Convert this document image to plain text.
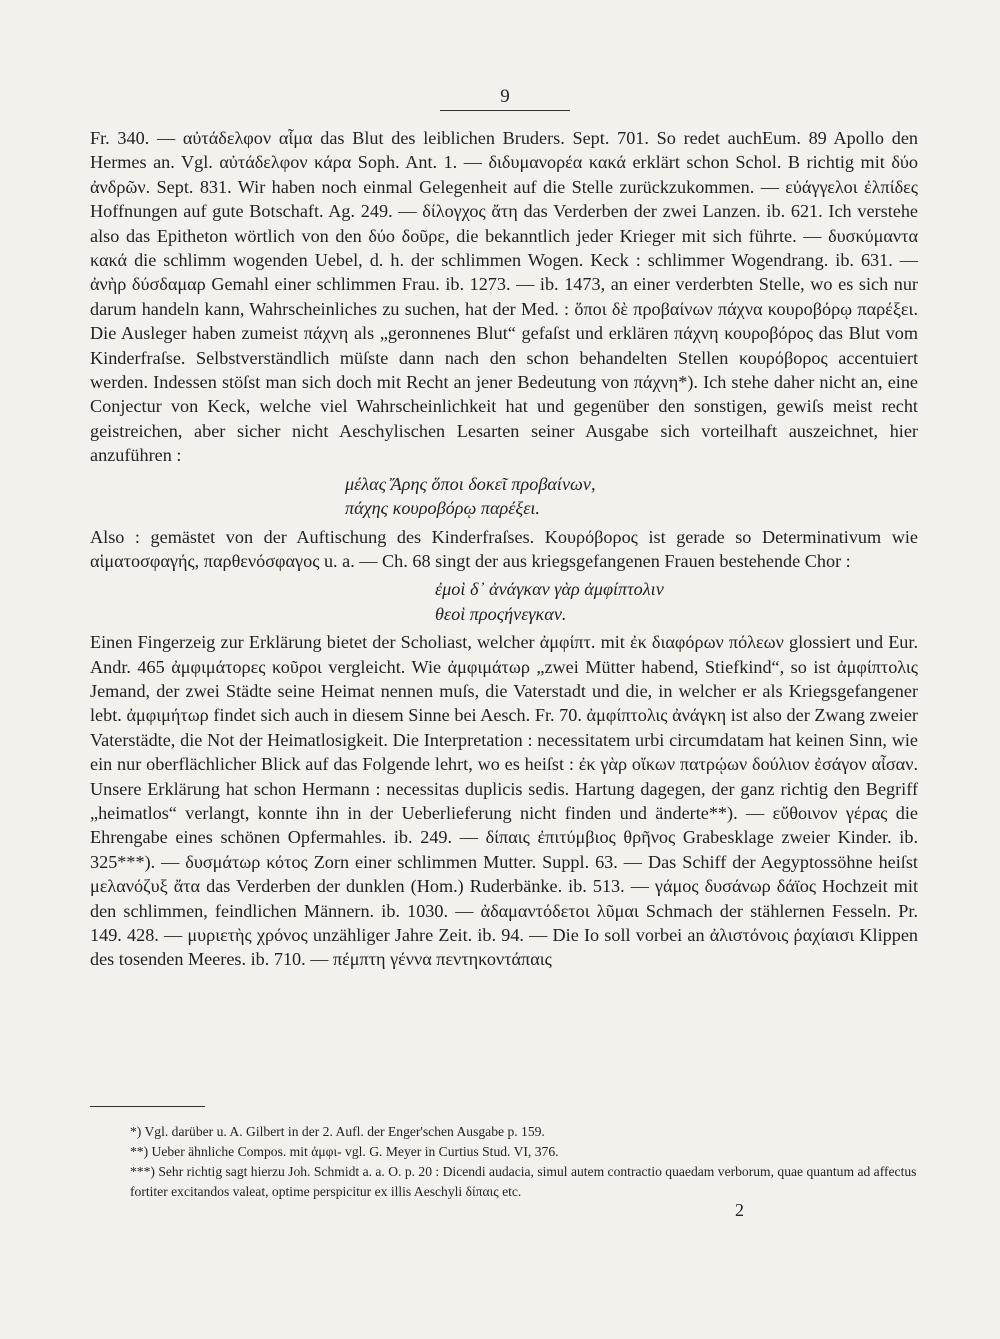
9

Fr. 340. — αὐτάδελφον αἷμα das Blut des leiblichen Bruders. Sept. 701. So redet auchEum. 89 Apollo den Hermes an. Vgl. αὐτάδελφον κάρα Soph. Ant. 1. — διδυμανορέα κακά erklärt schon Schol. B richtig mit δύο ἀνδρῶν. Sept. 831. Wir haben noch einmal Gelegenheit auf die Stelle zurückzukommen. — εὐάγγελοι ἐλπίδες Hoffnungen auf gute Botschaft. Ag. 249. — δίλογχος ἄτη das Verderben der zwei Lanzen. ib. 621. Ich verstehe also das Epitheton wörtlich von den δύο δοῦρε, die bekanntlich jeder Krieger mit sich führte. — δυσκύμαντα κακά die schlimm wogenden Uebel, d. h. der schlimmen Wogen. Keck : schlimmer Wogendrang. ib. 631. — ἀνὴρ δύσδαμαρ Gemahl einer schlimmen Frau. ib. 1273. — ib. 1473, an einer verderbten Stelle, wo es sich nur darum handeln kann, Wahrscheinliches zu suchen, hat der Med. : ὅποι δὲ προβαίνων πάχνα κουροβόρῳ παρέξει. Die Ausleger haben zumeist πάχνη als „geronnenes Blut“ gefaſst und erklären πάχνη κουροβόρος das Blut vom Kinderfraſse. Selbstverständlich müſste dann nach den schon behandelten Stellen κουρόβορος accentuiert werden. Indessen stöſst man sich doch mit Recht an jener Bedeutung von πάχνη*). Ich stehe daher nicht an, eine Conjectur von Keck, welche viel Wahrscheinlichkeit hat und gegenüber den sonstigen, gewiſs meist recht geistreichen, aber sicher nicht Aeschylischen Lesarten seiner Ausgabe sich vorteilhaft auszeichnet, hier anzuführen :

μέλας Ἄρης ὅποι δοκεῖ προβαίνων,
πάχης κουροβόρῳ παρέξει.

Also : gemästet von der Auftischung des Kinderfraſses. Κουρόβορος ist gerade so Determinativum wie αἱματοσφαγής, παρθενόσφαγος u. a. — Ch. 68 singt der aus kriegsgefangenen Frauen bestehende Chor :

ἐμοὶ δ᾽ ἀνάγκαν γὰρ ἀμφίπτολιν
θεοὶ προςήνεγκαν.

Einen Fingerzeig zur Erklärung bietet der Scholiast, welcher ἀμφίπτ. mit ἐκ διαφόρων πόλεων glossiert und Eur. Andr. 465 ἀμφιμάτορες κοῦροι vergleicht. Wie ἀμφιμάτωρ „zwei Mütter habend, Stiefkind“, so ist ἀμφίπτολις Jemand, der zwei Städte seine Heimat nennen muſs, die Vaterstadt und die, in welcher er als Kriegsgefangener lebt. ἀμφιμήτωρ findet sich auch in diesem Sinne bei Aesch. Fr. 70. ἀμφίπτολις ἀνάγκη ist also der Zwang zweier Vaterstädte, die Not der Heimatlosigkeit. Die Interpretation : necessitatem urbi circumdatam hat keinen Sinn, wie ein nur oberflächlicher Blick auf das Folgende lehrt, wo es heiſst : ἐκ γὰρ οἴκων πατρῴων δούλιον ἐσάγον αἶσαν. Unsere Erklärung hat schon Hermann : necessitas duplicis sedis. Hartung dagegen, der ganz richtig den Begriff „heimatlos“ verlangt, konnte ihn in der Ueberlieferung nicht finden und änderte**). — εὔθοινον γέρας die Ehrengabe eines schönen Opfermahles. ib. 249. — δίπαις ἐπιτύμβιος θρῆνος Grabesklage zweier Kinder. ib. 325***). — δυσμάτωρ κότος Zorn einer schlimmen Mutter. Suppl. 63. — Das Schiff der Aegyptossöhne heiſst μελανόζυξ ἄτα das Verderben der dunklen (Hom.) Ruderbänke. ib. 513. — γάμος δυσάνωρ δάϊος Hochzeit mit den schlimmen, feindlichen Männern. ib. 1030. — ἀδαμαντόδετοι λῦμαι Schmach der stählernen Fesseln. Pr. 149. 428. — μυριετὴς χρόνος unzähliger Jahre Zeit. ib. 94. — Die Io soll vorbei an ἀλιστόνοις ῥαχίαισι Klippen des tosenden Meeres. ib. 710. — πέμπτη γέννα πεντηκοντάπαις

*) Vgl. darüber u. A. Gilbert in der 2. Aufl. der Enger'schen Ausgabe p. 159.

**) Ueber ähnliche Compos. mit ἀμφι- vgl. G. Meyer in Curtius Stud. VI, 376.

***) Sehr richtig sagt hierzu Joh. Schmidt a. a. O. p. 20 : Dicendi audacia, simul autem contractio quaedam verborum, quae quantum ad affectus fortiter excitandos valeat, optime perspicitur ex illis Aeschyli δίπαις etc.

2
